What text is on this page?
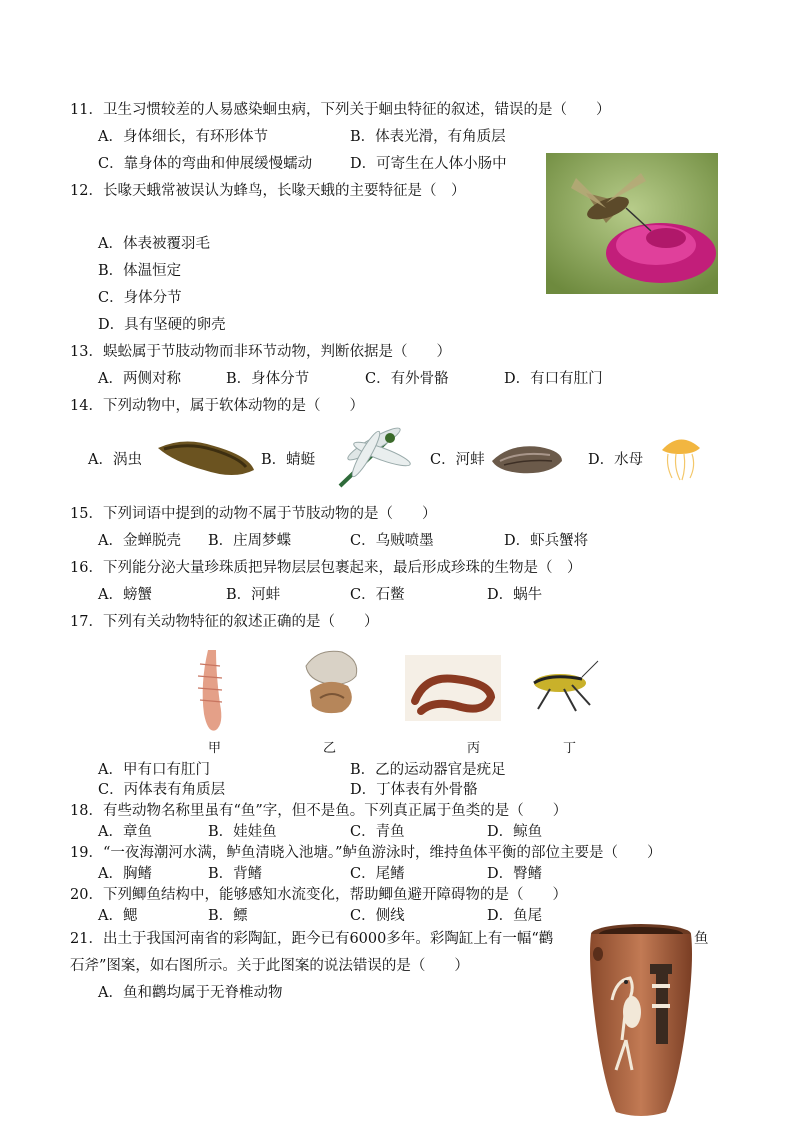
11．卫生习惯较差的人易感染蛔虫病，下列关于蛔虫特征的叙述，错误的是（　　）
A．身体细长，有环形体节	B．体表光滑，有角质层
C．靠身体的弯曲和伸展缓慢蠕动	D．可寄生在人体小肠中
12．长喙天蛾常被误认为蜂鸟，长喙天蛾的主要特征是（　）
A．体表被覆羽毛
B．体温恒定
C．身体分节
D．具有坚硬的卵壳
13．蜈蚣属于节肢动物而非环节动物，判断依据是（　　）
A．两侧对称	B．身体分节	C．有外骨骼	D．有口有肛门
14．下列动物中，属于软体动物的是（　　）
A．涡虫	B．蜻蜓	C．河蚌	D．水母
15．下列词语中提到的动物不属于节肢动物的是（　　）
A．金蝉脱壳 B．庄周梦蝶	C．乌贼喷墨	D．虾兵蟹将
16．下列能分泌大量珍珠质把异物层层包裹起来，最后形成珍珠的生物是（　）
A．螃蟹	B．河蚌	C．石鳖	D．蜗牛
17．下列有关动物特征的叙述正确的是（　　）
甲	乙	丙	丁
A．甲有口有肛门	B．乙的运动器官是疣足
C．丙体表有角质层	D．丁体表有外骨骼
18．有些动物名称里虽有“鱼”字，但不是鱼。下列真正属于鱼类的是（　　）
A．章鱼	B．娃娃鱼	C．青鱼	D．鲸鱼
19．“一夜海潮河水满，鲈鱼清晓入池塘。”鲈鱼游泳时，维持鱼体平衡的部位主要是（　　）
A．胸鳍	B．背鳍	C．尾鳍	D．臀鳍
20．下列鲫鱼结构中，能够感知水流变化，帮助鲫鱼避开障碍物的是（　　）
A．鳃	B．鳔	C．侧线	D．鱼尾
21．出土于我国河南省的彩陶缸，距今已有6000多年。彩陶缸上有一幅“鹳	鱼
石斧”图案，如右图所示。关于此图案的说法错误的是（　　）
A．鱼和鹳均属于无脊椎动物
